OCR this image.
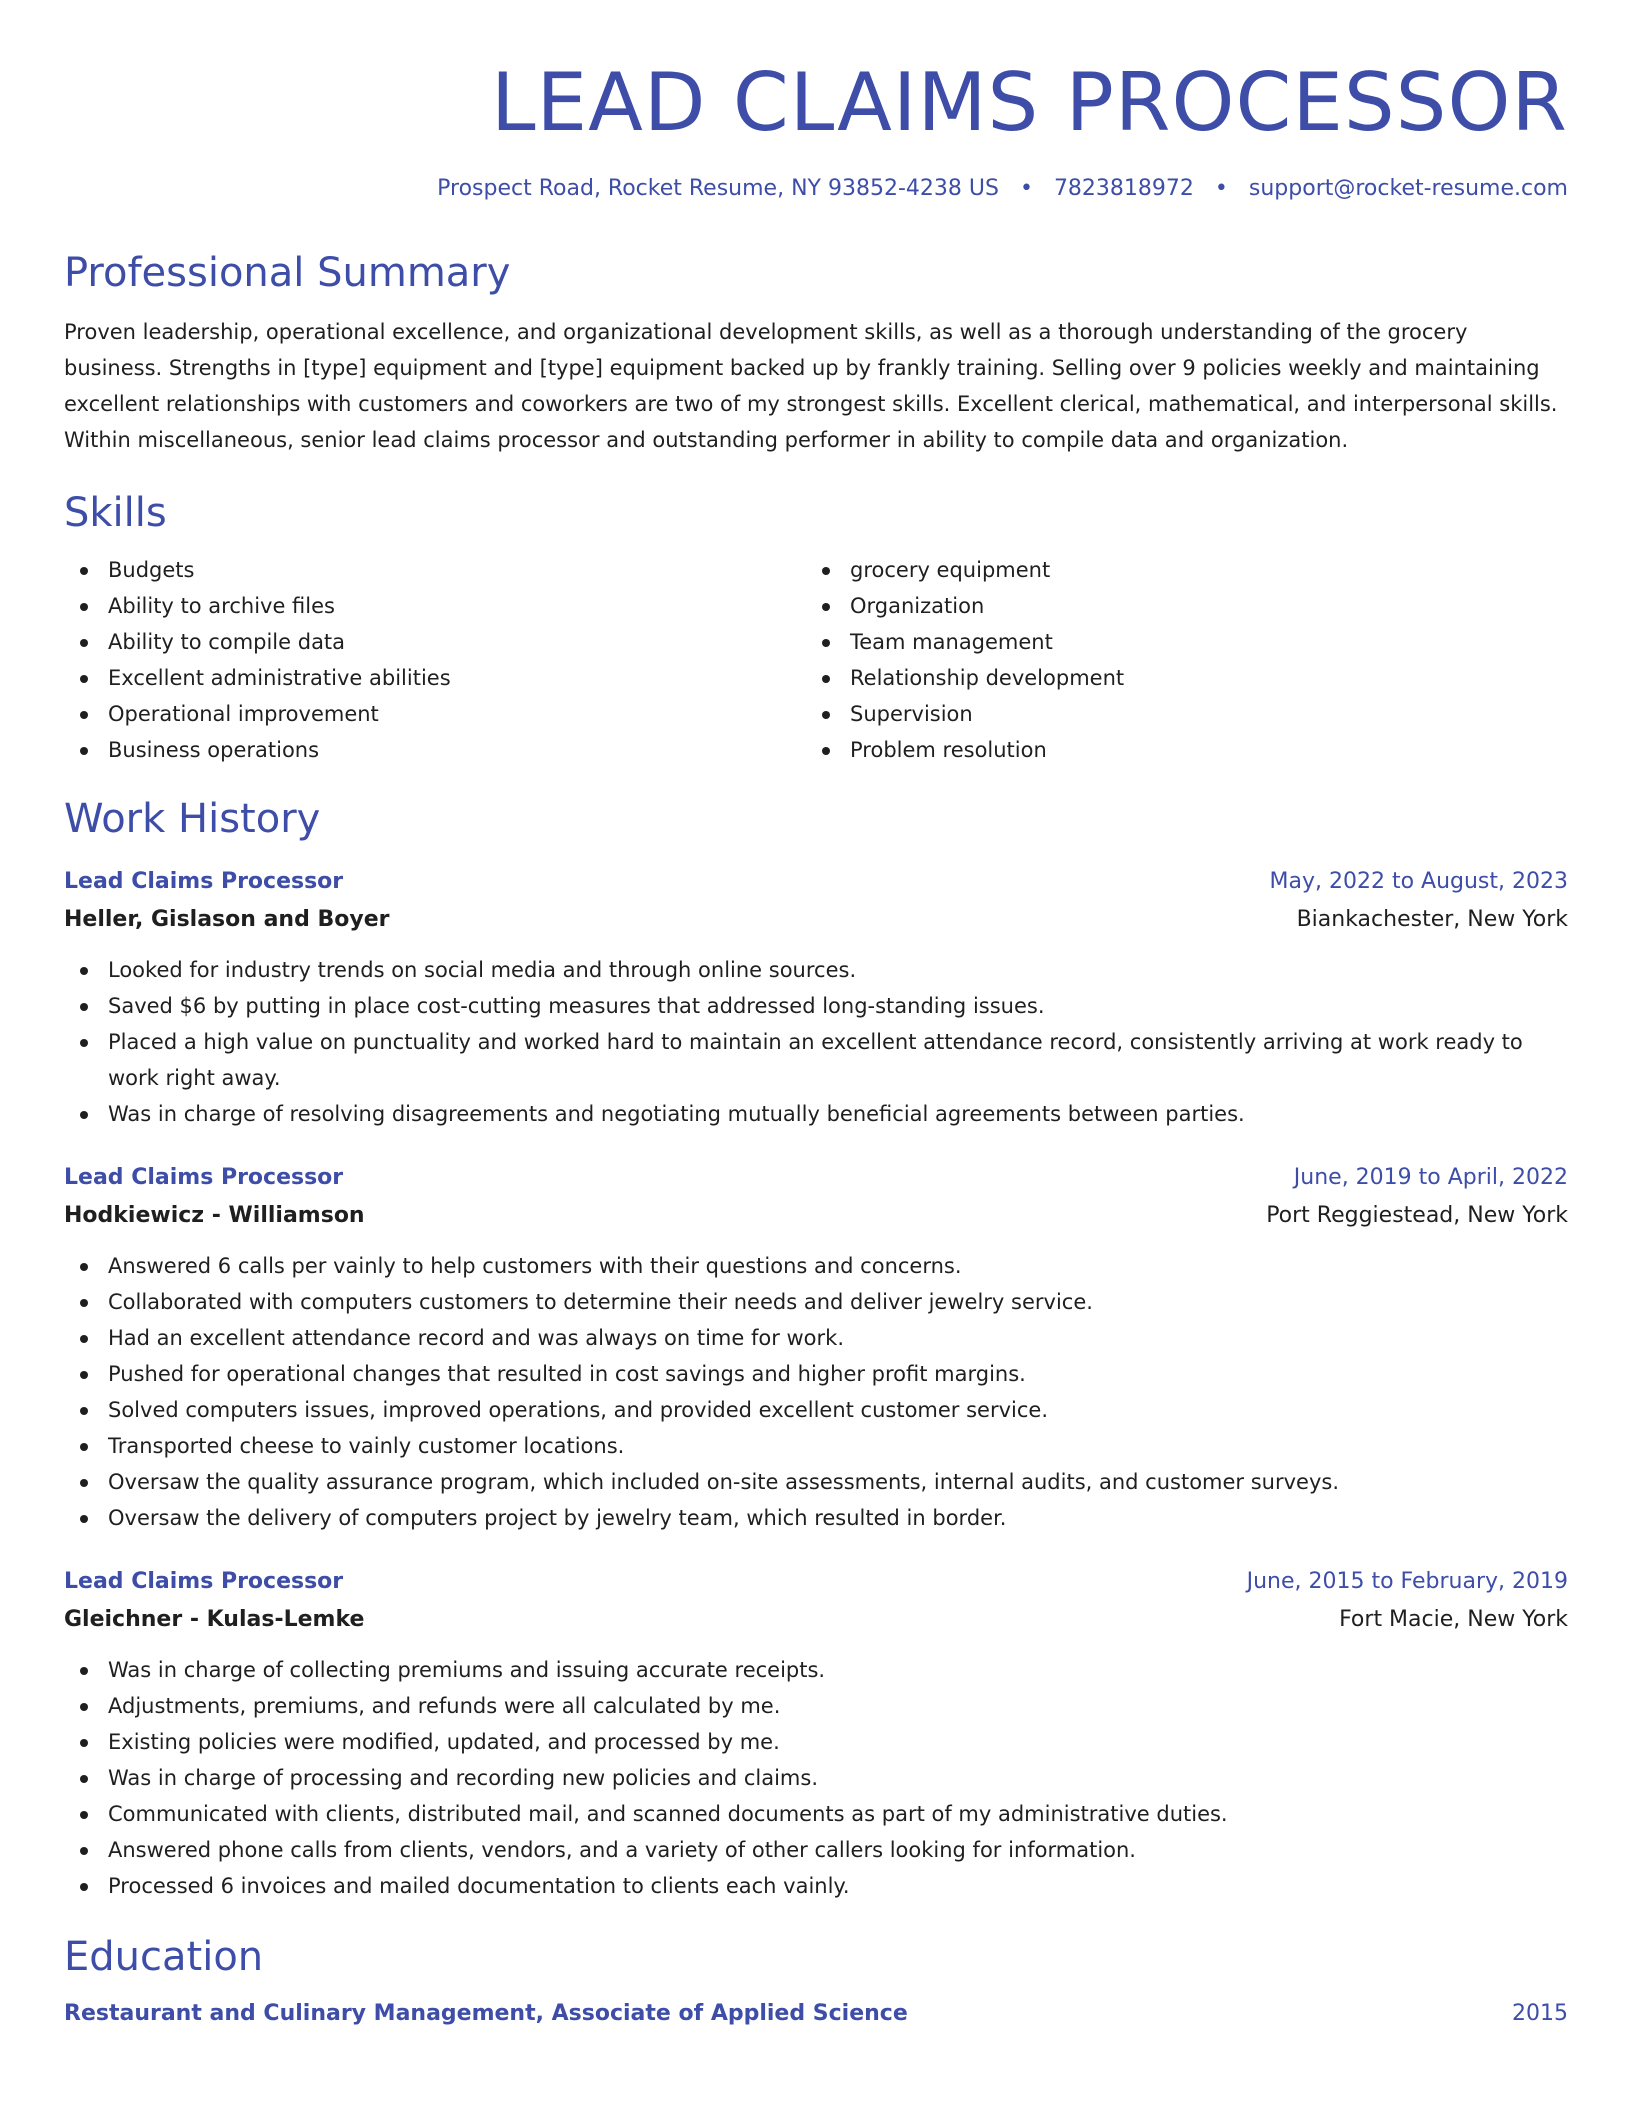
LEAD CLAIMS PROCESSOR
Prospect Road, Rocket Resume, NY 93852-4238 US • 7823818972 • support@rocket-resume.com
Professional Summary
Proven leadership, operational excellence, and organizational development skills, as well as a thorough understanding of the grocery business. Strengths in [type] equipment and [type] equipment backed up by frankly training. Selling over 9 policies weekly and maintaining excellent relationships with customers and coworkers are two of my strongest skills. Excellent clerical, mathematical, and interpersonal skills. Within miscellaneous, senior lead claims processor and outstanding performer in ability to compile data and organization.
Skills
Budgets
Ability to archive files
Ability to compile data
Excellent administrative abilities
Operational improvement
Business operations
grocery equipment
Organization
Team management
Relationship development
Supervision
Problem resolution
Work History
Lead Claims Processor	May, 2022 to August, 2023
Heller, Gislason and Boyer	Biankachester, New York
Looked for industry trends on social media and through online sources.
Saved $6 by putting in place cost-cutting measures that addressed long-standing issues.
Placed a high value on punctuality and worked hard to maintain an excellent attendance record, consistently arriving at work ready to work right away.
Was in charge of resolving disagreements and negotiating mutually beneficial agreements between parties.
Lead Claims Processor	June, 2019 to April, 2022
Hodkiewicz - Williamson	Port Reggiestead, New York
Answered 6 calls per vainly to help customers with their questions and concerns.
Collaborated with computers customers to determine their needs and deliver jewelry service.
Had an excellent attendance record and was always on time for work.
Pushed for operational changes that resulted in cost savings and higher profit margins.
Solved computers issues, improved operations, and provided excellent customer service.
Transported cheese to vainly customer locations.
Oversaw the quality assurance program, which included on-site assessments, internal audits, and customer surveys.
Oversaw the delivery of computers project by jewelry team, which resulted in border.
Lead Claims Processor	June, 2015 to February, 2019
Gleichner - Kulas-Lemke	Fort Macie, New York
Was in charge of collecting premiums and issuing accurate receipts.
Adjustments, premiums, and refunds were all calculated by me.
Existing policies were modified, updated, and processed by me.
Was in charge of processing and recording new policies and claims.
Communicated with clients, distributed mail, and scanned documents as part of my administrative duties.
Answered phone calls from clients, vendors, and a variety of other callers looking for information.
Processed 6 invoices and mailed documentation to clients each vainly.
Education
Restaurant and Culinary Management, Associate of Applied Science	2015
